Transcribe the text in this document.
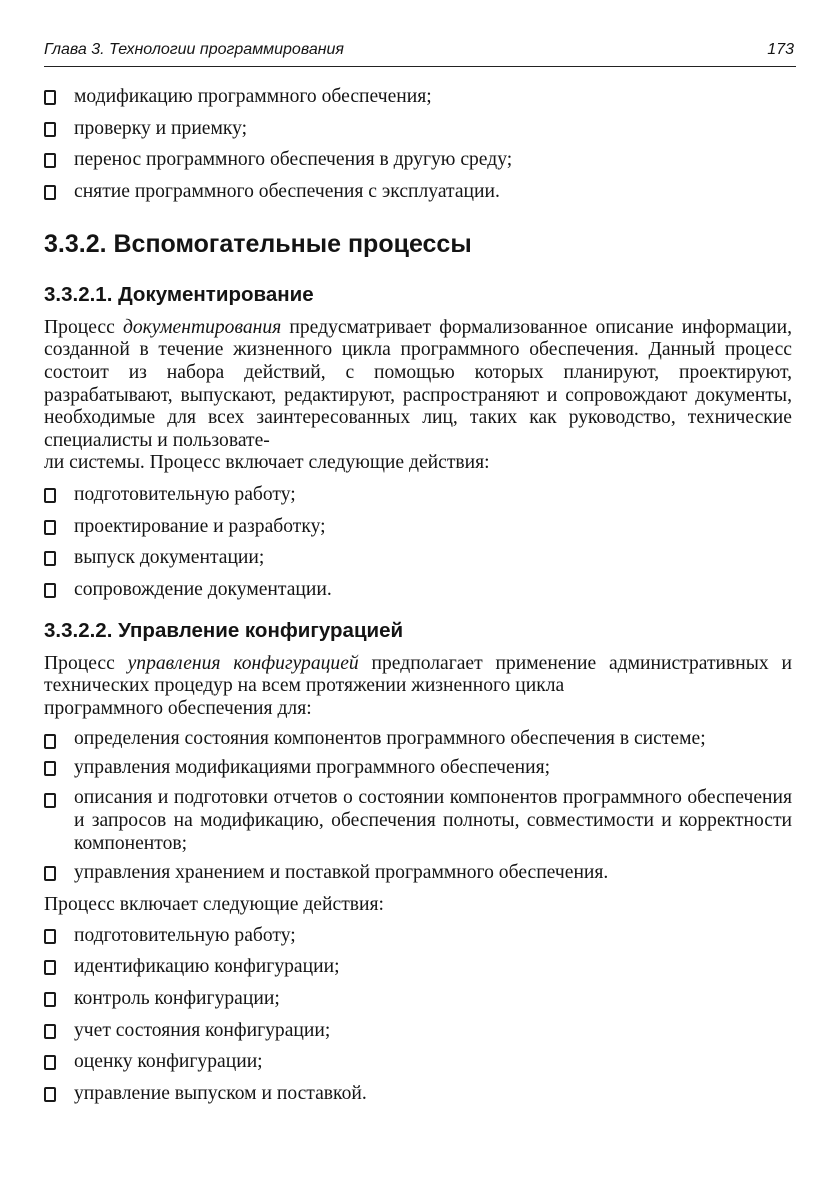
Глава 3. Технологии программирования	173
модификацию программного обеспечения;
проверку и приемку;
перенос программного обеспечения в другую среду;
снятие программного обеспечения с эксплуатации.
3.3.2. Вспомогательные процессы
3.3.2.1. Документирование

Процесс документирования предусматривает формализованное описание информации, созданной в течение жизненного цикла программного обеспечения. Данный процесс состоит из набора действий, с помощью которых планируют, проектируют, разрабатывают, выпускают, редактируют, распространяют и сопровождают документы, необходимые для всех заинтересованных лиц, таких как руководство, технические специалисты и пользовате-
ли системы. Процесс включает следующие действия:

подготовительную работу;
проектирование и разработку;
выпуск документации;
сопровождение документации.
3.3.2.2. Управление конфигурацией

Процесс управления конфигурацией предполагает применение административных и технических процедур на всем протяжении жизненного цикла
программного обеспечения для:

определения состояния компонентов программного обеспечения в системе;
управления модификациями программного обеспечения;
описания и подготовки отчетов о состоянии компонентов программного обеспечения и запросов на модификацию, обеспечения полноты, совместимости и корректности компонентов;
управления хранением и поставкой программного обеспечения.

Процесс включает следующие действия:

подготовительную работу;
идентификацию конфигурации;
контроль конфигурации;
учет состояния конфигурации;
оценку конфигурации;
управление выпуском и поставкой.
